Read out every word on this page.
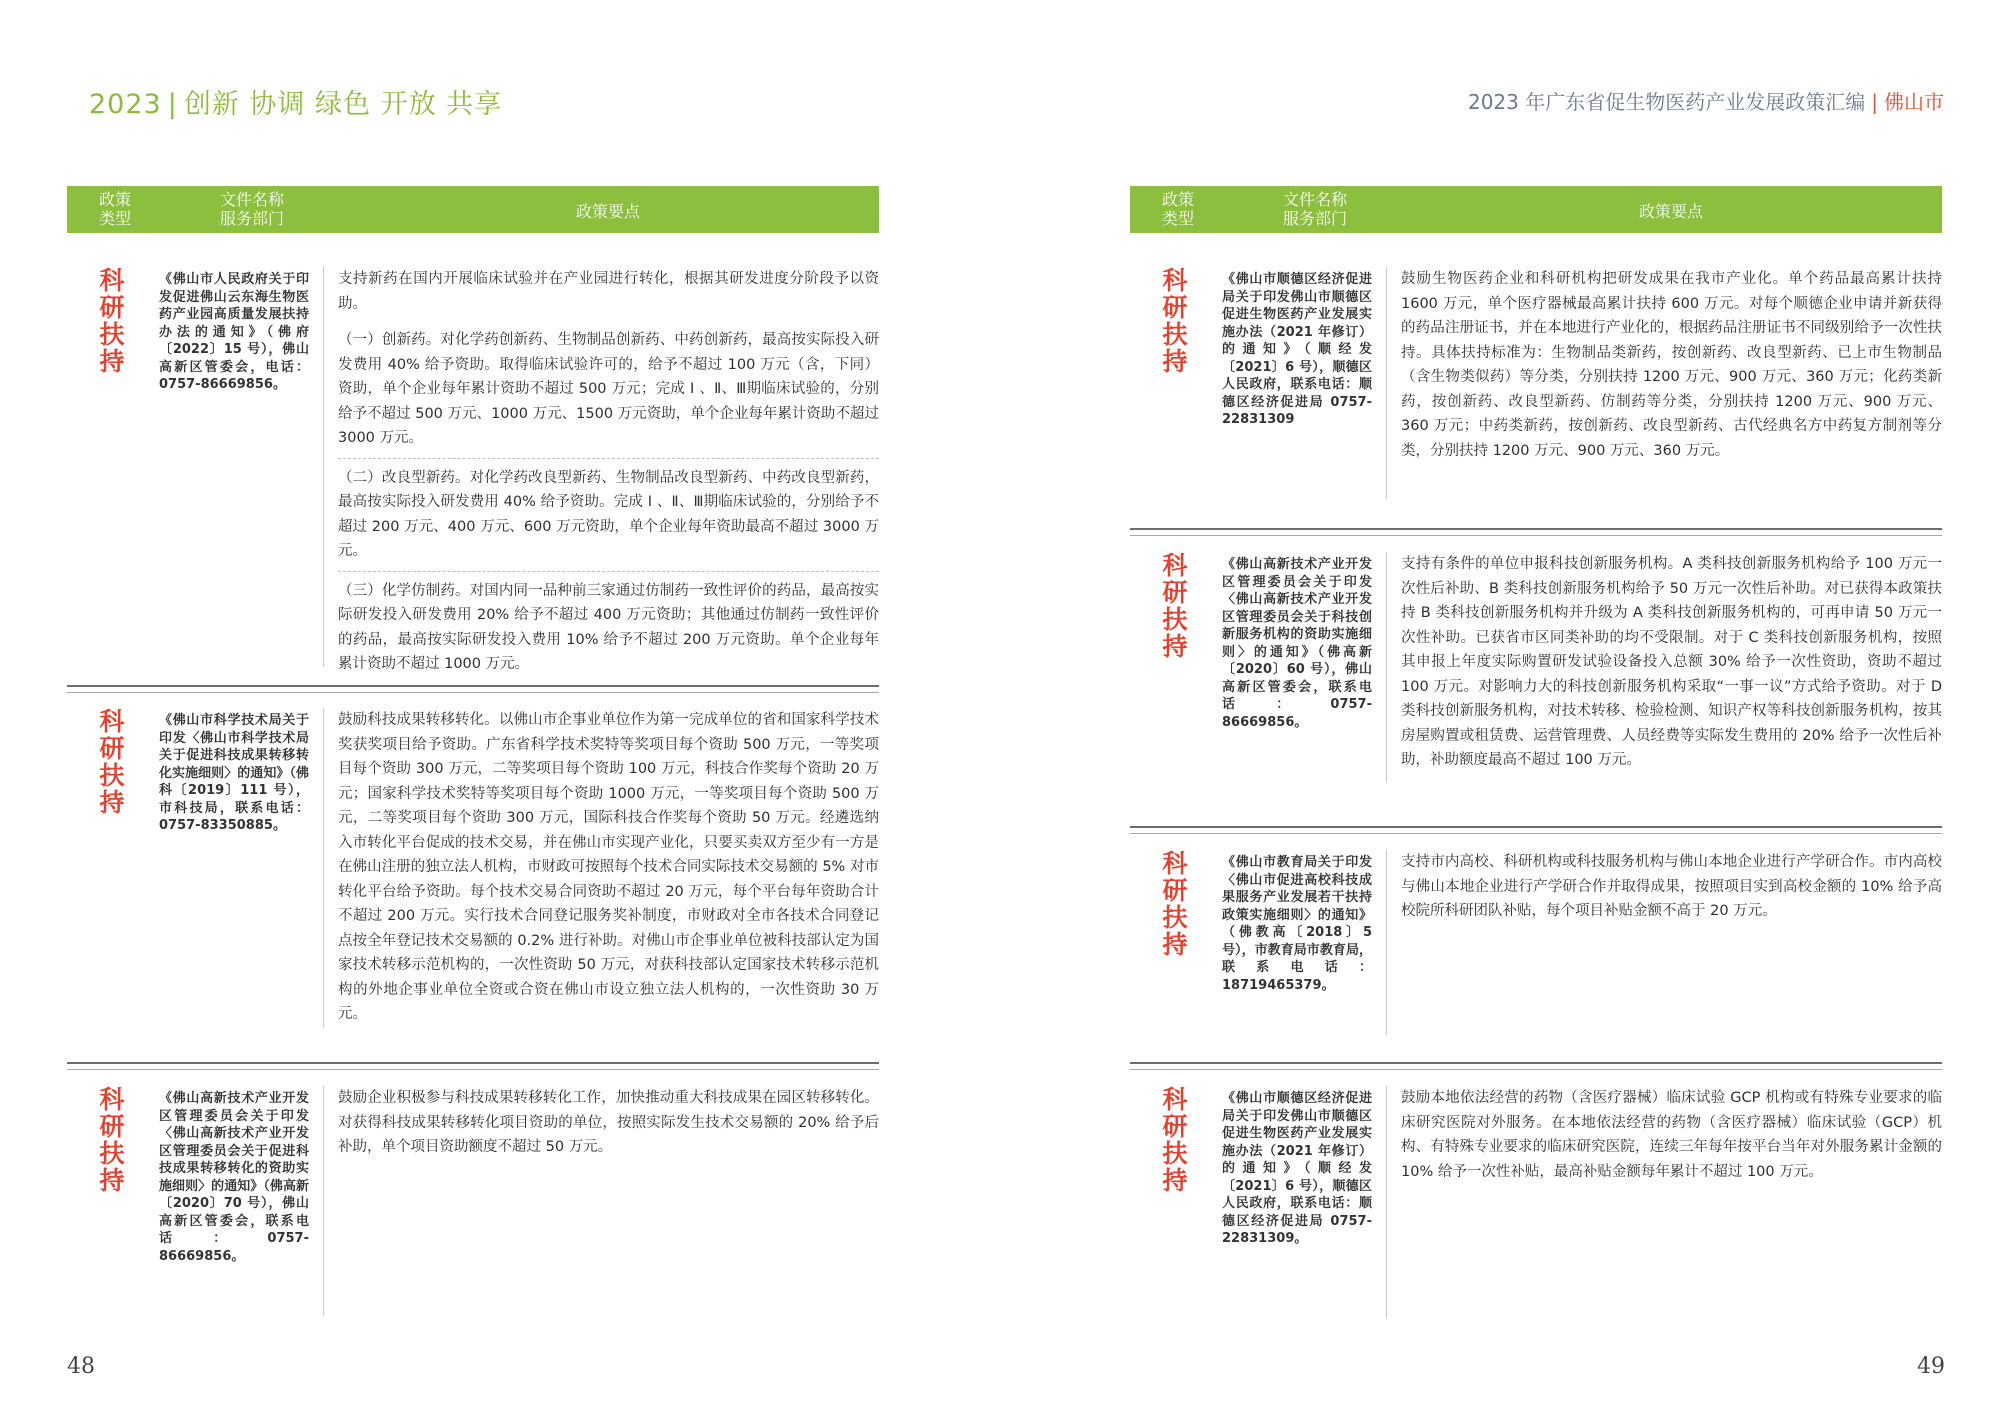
2023 | 创新 协调 绿色 开放 共享
政策
类型
文件名称
服务部门	政策要点
科研扶持
《佛山市人民政府关于印发促进佛山云东海生物医药产业园高质量发展扶持办法的通知》（佛府〔2022〕15 号），佛山高新区管委会，电话：0757-86669856。
支持新药在国内开展临床试验并在产业园进行转化，根据其研发进度分阶段予以资助。
（一）创新药。对化学药创新药、生物制品创新药、中药创新药，最高按实际投入研发费用 40% 给予资助。取得临床试验许可的，给予不超过 100 万元（含，下同）资助，单个企业每年累计资助不超过 500 万元；完成 Ⅰ 、Ⅱ、Ⅲ期临床试验的，分别给予不超过 500 万元、1000 万元、1500 万元资助，单个企业每年累计资助不超过 3000 万元。
（二）改良型新药。对化学药改良型新药、生物制品改良型新药、中药改良型新药，最高按实际投入研发费用 40% 给予资助。完成 Ⅰ 、Ⅱ、Ⅲ期临床试验的，分别给予不超过 200 万元、400 万元、600 万元资助，单个企业每年资助最高不超过 3000 万元。
（三）化学仿制药。对国内同一品种前三家通过仿制药一致性评价的药品，最高按实际研发投入研发费用 20% 给予不超过 400 万元资助；其他通过仿制药一致性评价的药品，最高按实际研发投入费用 10% 给予不超过 200 万元资助。单个企业每年累计资助不超过 1000 万元。
科研扶持
《佛山市科学技术局关于印发〈佛山市科学技术局关于促进科技成果转移转化实施细则〉的通知》（佛科〔2019〕111 号），市科技局，联系电话：0757-83350885。
鼓励科技成果转移转化。以佛山市企事业单位作为第一完成单位的省和国家科学技术奖获奖项目给予资助。广东省科学技术奖特等奖项目每个资助 500 万元，一等奖项目每个资助 300 万元，二等奖项目每个资助 100 万元，科技合作奖每个资助 20 万元；国家科学技术奖特等奖项目每个资助 1000 万元，一等奖项目每个资助 500 万元，二等奖项目每个资助 300 万元，国际科技合作奖每个资助 50 万元。经遴选纳入市转化平台促成的技术交易，并在佛山市实现产业化，只要买卖双方至少有一方是在佛山注册的独立法人机构，市财政可按照每个技术合同实际技术交易额的 5% 对市转化平台给予资助。每个技术交易合同资助不超过 20 万元，每个平台每年资助合计不超过 200 万元。实行技术合同登记服务奖补制度，市财政对全市各技术合同登记点按全年登记技术交易额的 0.2% 进行补助。对佛山市企事业单位被科技部认定为国家技术转移示范机构的，一次性资助 50 万元，对获科技部认定国家技术转移示范机构的外地企事业单位全资或合资在佛山市设立独立法人机构的，一次性资助 30 万元。
科研扶持
《佛山高新技术产业开发区管理委员会关于印发〈佛山高新技术产业开发区管理委员会关于促进科技成果转移转化的资助实施细则〉的通知》（佛高新〔2020〕70 号），佛山高新区管委会，联系电话：0757-86669856。
鼓励企业积极参与科技成果转移转化工作，加快推动重大科技成果在园区转移转化。对获得科技成果转移转化项目资助的单位，按照实际发生技术交易额的 20% 给予后补助，单个项目资助额度不超过 50 万元。
48
2023 年广东省促生物医药产业发展政策汇编 | 佛山市
政策
类型
文件名称
服务部门	政策要点
科研扶持
《佛山市顺德区经济促进局关于印发佛山市顺德区促进生物医药产业发展实施办法（2021 年修订）的通知》（顺经发〔2021〕6 号），顺德区人民政府，联系电话：顺德区经济促进局 0757-22831309
鼓励生物医药企业和科研机构把研发成果在我市产业化。单个药品最高累计扶持 1600 万元，单个医疗器械最高累计扶持 600 万元。对每个顺德企业申请并新获得的药品注册证书，并在本地进行产业化的，根据药品注册证书不同级别给予一次性扶持。具体扶持标准为：生物制品类新药，按创新药、改良型新药、已上市生物制品（含生物类似药）等分类，分别扶持 1200 万元、900 万元、360 万元；化药类新药，按创新药、改良型新药、仿制药等分类，分别扶持 1200 万元、900 万元、360 万元；中药类新药，按创新药、改良型新药、古代经典名方中药复方制剂等分类，分别扶持 1200 万元、900 万元、360 万元。
科研扶持
《佛山高新技术产业开发区管理委员会关于印发〈佛山高新技术产业开发区管理委员会关于科技创新服务机构的资助实施细则〉的通知》（佛高新〔2020〕60 号），佛山高新区管委会，联系电话：0757-86669856。
支持有条件的单位申报科技创新服务机构。A 类科技创新服务机构给予 100 万元一次性后补助、B 类科技创新服务机构给予 50 万元一次性后补助。对已获得本政策扶持 B 类科技创新服务机构并升级为 A 类科技创新服务机构的，可再申请 50 万元一次性补助。已获省市区同类补助的均不受限制。对于 C 类科技创新服务机构，按照其申报上年度实际购置研发试验设备投入总额 30% 给予一次性资助，资助不超过 100 万元。对影响力大的科技创新服务机构采取“一事一议”方式给予资助。对于 D 类科技创新服务机构，对技术转移、检验检测、知识产权等科技创新服务机构，按其房屋购置或租赁费、运营管理费、人员经费等实际发生费用的 20% 给予一次性后补助，补助额度最高不超过 100 万元。
科研扶持
《佛山市教育局关于印发〈佛山市促进高校科技成果服务产业发展若干扶持政策实施细则〉的通知》（佛教高〔2018〕5 号），市教育局市教育局，联系电话：18719465379。
支持市内高校、科研机构或科技服务机构与佛山本地企业进行产学研合作。市内高校与佛山本地企业进行产学研合作并取得成果，按照项目实到高校金额的 10% 给予高校院所科研团队补贴，每个项目补贴金额不高于 20 万元。
科研扶持
《佛山市顺德区经济促进局关于印发佛山市顺德区促进生物医药产业发展实施办法（2021 年修订）的通知》（顺经发〔2021〕6 号），顺德区人民政府，联系电话：顺德区经济促进局 0757-22831309。
鼓励本地依法经营的药物（含医疗器械）临床试验 GCP 机构或有特殊专业要求的临床研究医院对外服务。在本地依法经营的药物（含医疗器械）临床试验（GCP）机构、有特殊专业要求的临床研究医院，连续三年每年按平台当年对外服务累计金额的 10% 给予一次性补贴，最高补贴金额每年累计不超过 100 万元。
49
